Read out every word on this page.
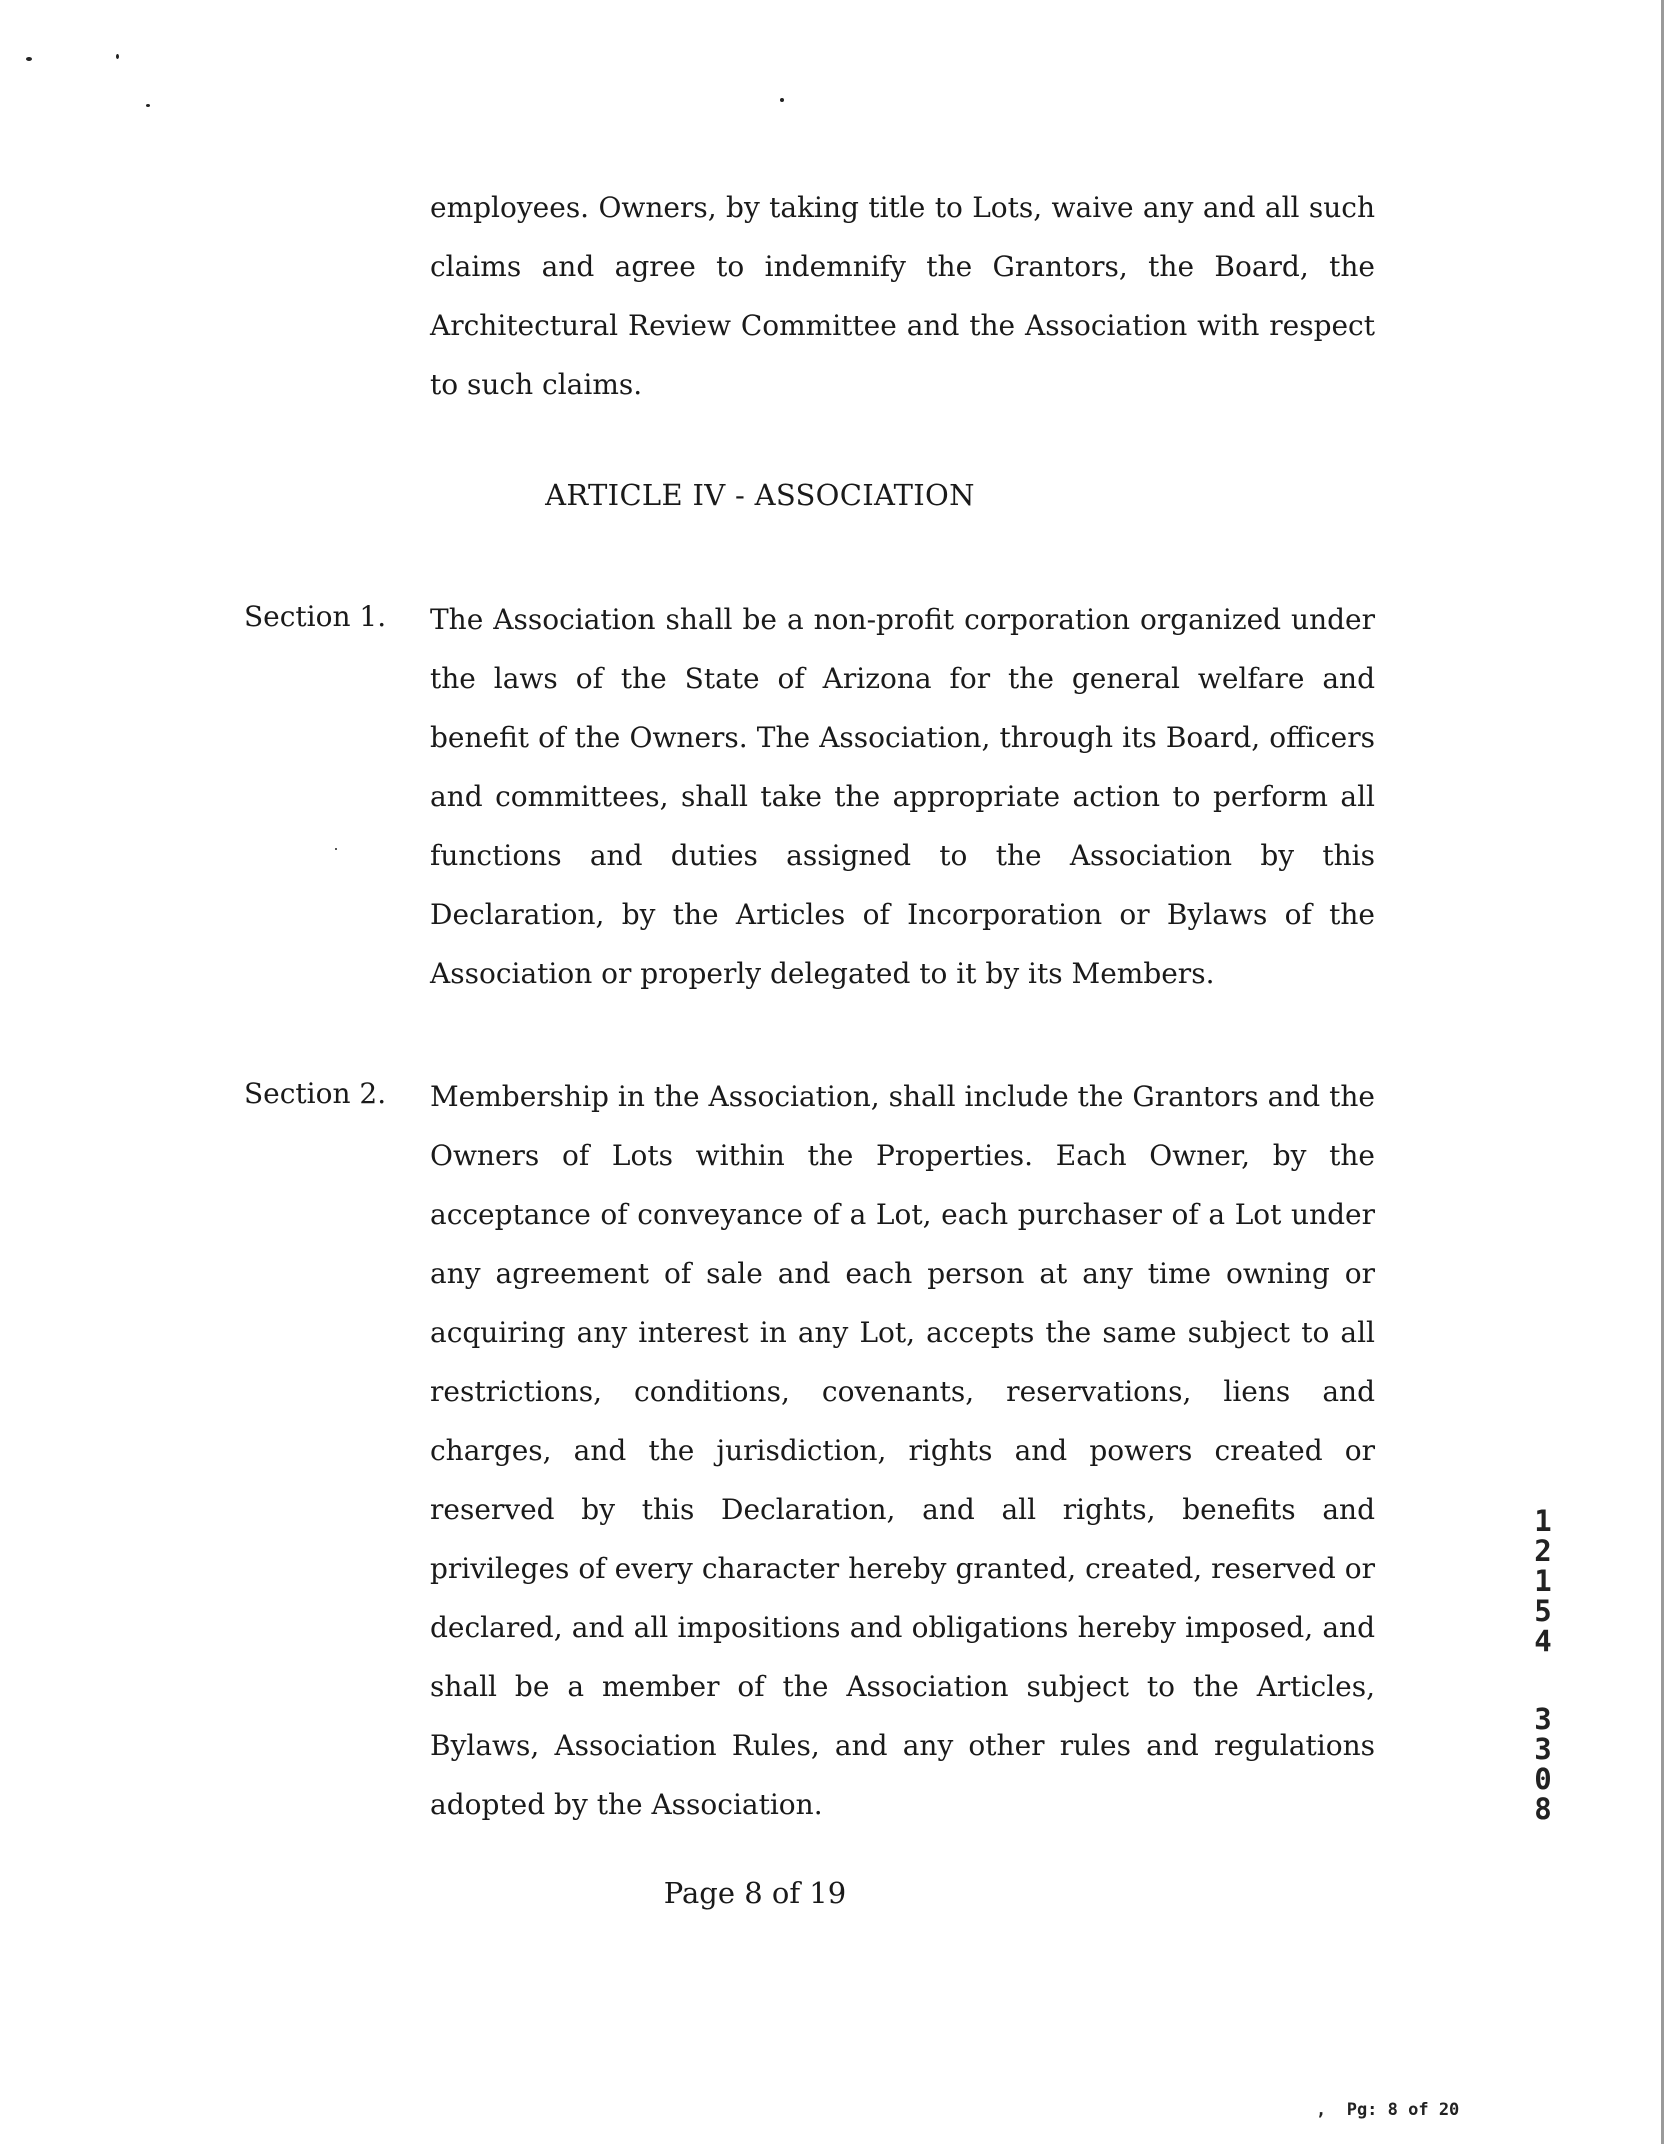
employees. Owners, by taking title to Lots, waive any and all such claims and agree to indemnify the Grantors, the Board, the Architectural Review Committee and the Association with respect to such claims.

ARTICLE IV - ASSOCIATION
Section 1. The Association shall be a non-profit corporation organized under the laws of the State of Arizona for the general welfare and benefit of the Owners. The Association, through its Board, officers and committees, shall take the appropriate action to perform all functions and duties assigned to the Association by this Declaration, by the Articles of Incorporation or Bylaws of the Association or properly delegated to it by its Members.

Section 2. Membership in the Association, shall include the Grantors and the Owners of Lots within the Properties. Each Owner, by the acceptance of conveyance of a Lot, each purchaser of a Lot under any agreement of sale and each person at any time owning or acquiring any interest in any Lot, accepts the same subject to all restrictions, conditions, covenants, reservations, liens and charges, and the jurisdiction, rights and powers created or reserved by this Declaration, and all rights, benefits and privileges of every character hereby granted, created, reserved or declared, and all impositions and obligations hereby imposed, and shall be a member of the Association subject to the Articles, Bylaws, Association Rules, and any other rules and regulations adopted by the Association.

Page 8 of 19
1
2
1
5
4
3
3
0
8
,  Pg: 8 of 20
